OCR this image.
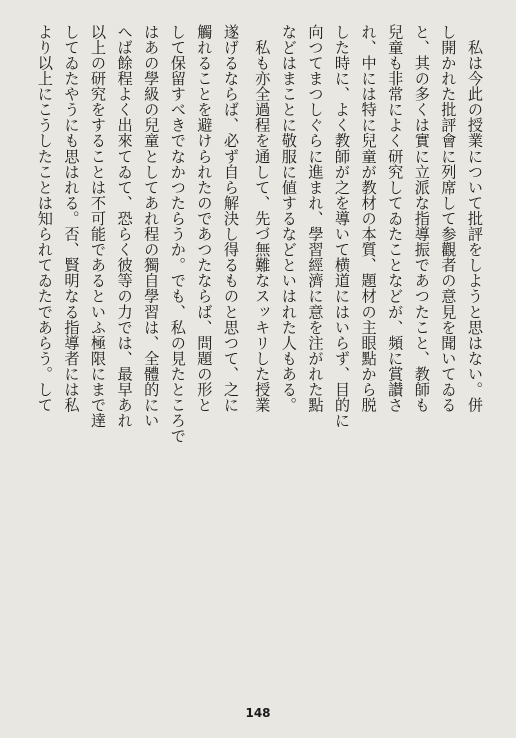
　私は今此の授業について批評をしようと思はない。併
し開かれた批評會に列席して参觀者の意見を聞いてゐる
と、其の多くは實に立派な指導振であつたこと、教師も
兒童も非常によく研究してゐたことなどが、頻に賞讃さ
れ、中には特に兒童が教材の本質、題材の主眼點から脱
した時に、よく教師が之を導いて横道にはいらず、目的に
向つてまつしぐらに進まれ、學習經濟に意を注がれた點
などはまことに敬服に値するなどといはれた人もある。
　私も亦全過程を通して、先づ無難なスッキリした授業

遂げるならば、必ず自ら解決し得るものと思つて、之に
觸れることを避けられたのであつたならば、問題の形と
して保留すべきでなかつたらうか。でも、私の見たところで
はあの學級の兒童としてあれ程の獨自學習は、全體的にい
へば餘程よく出來てゐて、恐らく彼等の力では、最早あれ
以上の研究をすることは不可能であるといふ極限にまで達
してゐたやうにも思はれる。否、賢明なる指導者には私
より以上にこうしたことは知られてゐたであらう。して

148
